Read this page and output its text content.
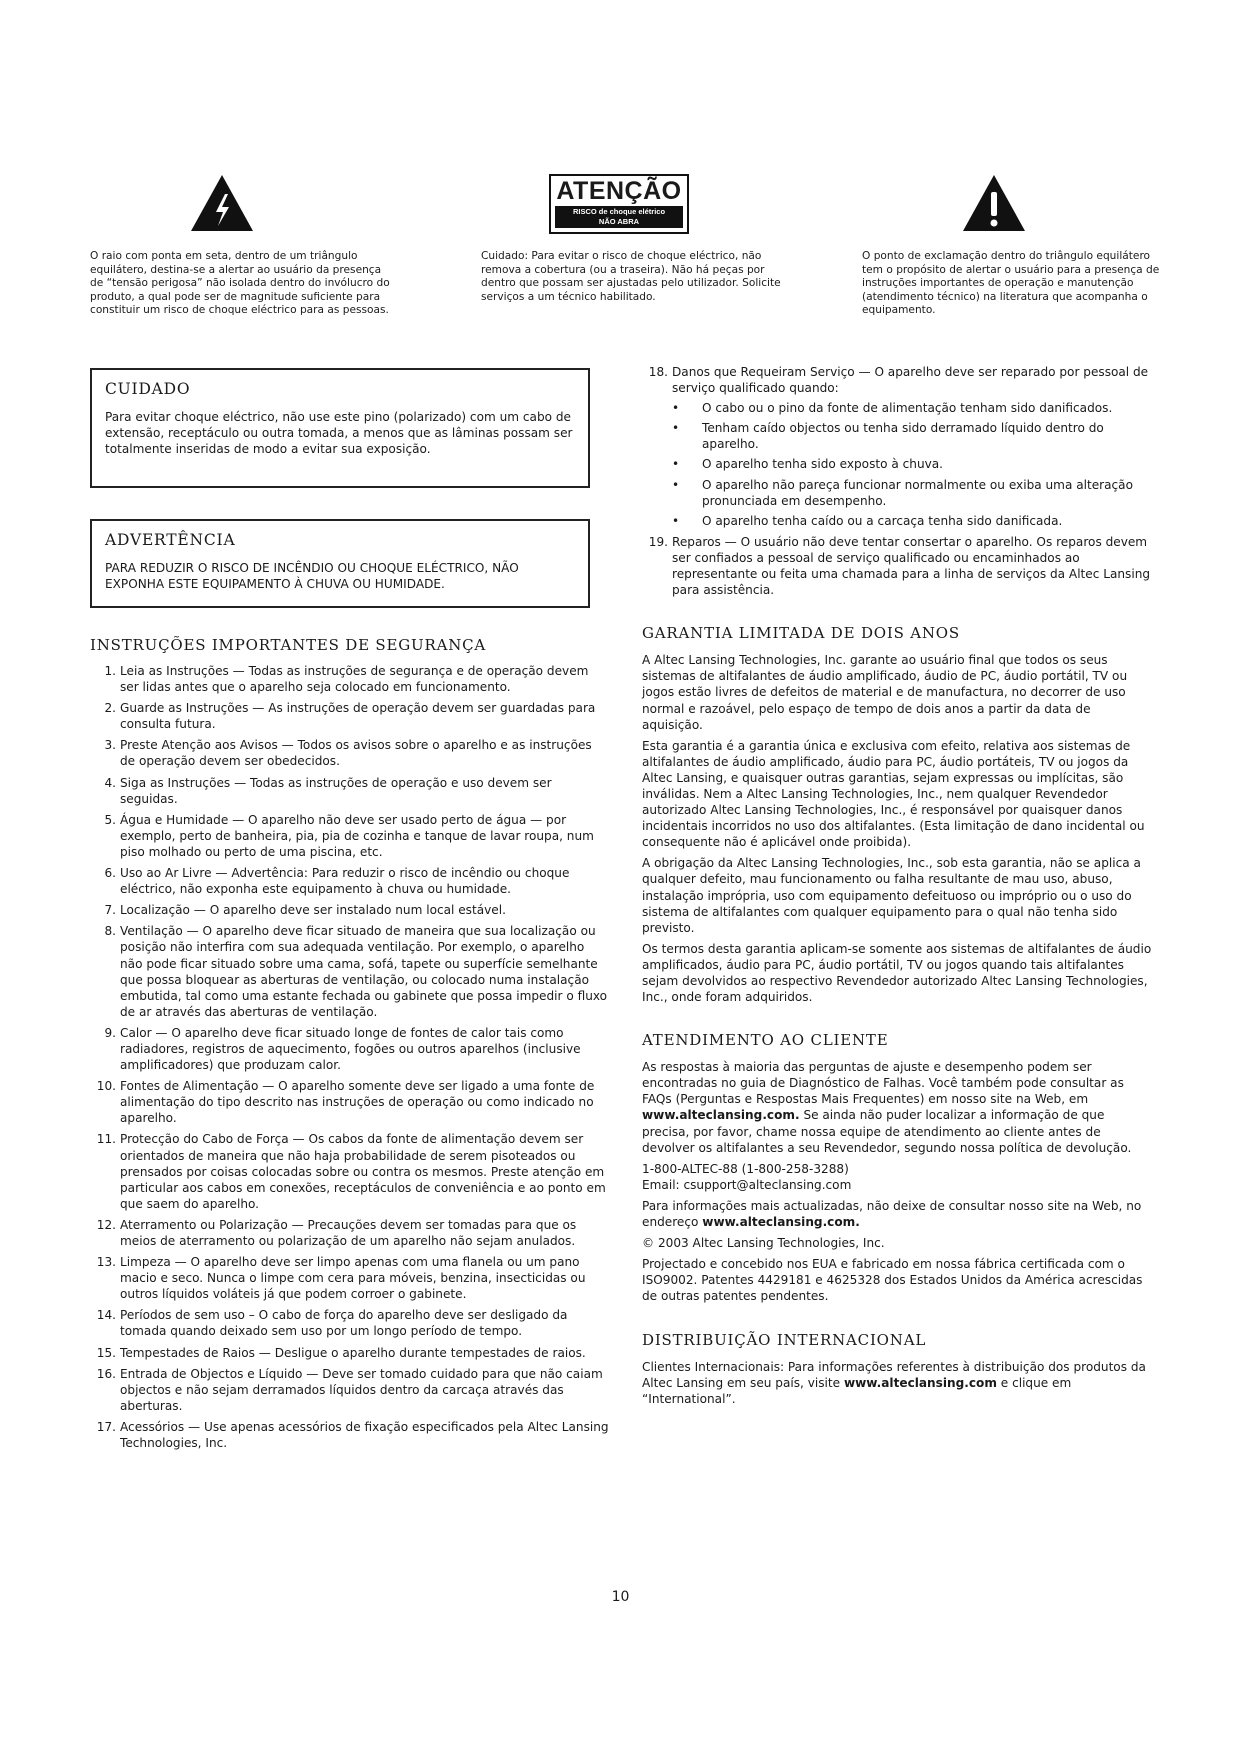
O raio com ponta em seta, dentro de um triângulo equilátero, destina-se a alertar ao usuário da presença de “tensão perigosa” não isolada dentro do invólucro do produto, a qual pode ser de magnitude suficiente para constituir um risco de choque eléctrico para as pessoas.

ATENÇÃO
RISCO de choque elétrico
NÃO ABRA

Cuidado: Para evitar o risco de choque eléctrico, não remova a cobertura (ou a traseira). Não há peças por dentro que possam ser ajustadas pelo utilizador. Solicite serviços a um técnico habilitado.

O ponto de exclamação dentro do triângulo equilátero tem o propósito de alertar o usuário para a presença de instruções importantes de operação e manutenção (atendimento técnico) na literatura que acompanha o equipamento.

CUIDADO

Para evitar choque eléctrico, não use este pino (polarizado) com um cabo de extensão, receptáculo ou outra tomada, a menos que as lâminas possam ser totalmente inseridas de modo a evitar sua exposição.

ADVERTÊNCIA

PARA REDUZIR O RISCO DE INCÊNDIO OU CHOQUE ELÉCTRICO, NÃO EXPONHA ESTE EQUIPAMENTO À CHUVA OU HUMIDADE.

INSTRUÇÕES IMPORTANTES DE SEGURANÇA
1. Leia as Instruções — Todas as instruções de segurança e de operação devem ser lidas antes que o aparelho seja colocado em funcionamento.
2. Guarde as Instruções — As instruções de operação devem ser guardadas para consulta futura.
3. Preste Atenção aos Avisos — Todos os avisos sobre o aparelho e as instruções de operação devem ser obedecidos.
4. Siga as Instruções — Todas as instruções de operação e uso devem ser seguidas.
5. Água e Humidade — O aparelho não deve ser usado perto de água — por exemplo, perto de banheira, pia, pia de cozinha e tanque de lavar roupa, num piso molhado ou perto de uma piscina, etc.
6. Uso ao Ar Livre — Advertência: Para reduzir o risco de incêndio ou choque eléctrico, não exponha este equipamento à chuva ou humidade.
7. Localização — O aparelho deve ser instalado num local estável.
8. Ventilação — O aparelho deve ficar situado de maneira que sua localização ou posição não interfira com sua adequada ventilação. Por exemplo, o aparelho não pode ficar situado sobre uma cama, sofá, tapete ou superfície semelhante que possa bloquear as aberturas de ventilação, ou colocado numa instalação embutida, tal como uma estante fechada ou gabinete que possa impedir o fluxo de ar através das aberturas de ventilação.
9. Calor — O aparelho deve ficar situado longe de fontes de calor tais como radiadores, registros de aquecimento, fogões ou outros aparelhos (inclusive amplificadores) que produzam calor.
10. Fontes de Alimentação — O aparelho somente deve ser ligado a uma fonte de alimentação do tipo descrito nas instruções de operação ou como indicado no aparelho.
11. Protecção do Cabo de Força — Os cabos da fonte de alimentação devem ser orientados de maneira que não haja probabilidade de serem pisoteados ou prensados por coisas colocadas sobre ou contra os mesmos. Preste atenção em particular aos cabos em conexões, receptáculos de conveniência e ao ponto em que saem do aparelho.
12. Aterramento ou Polarização — Precauções devem ser tomadas para que os meios de aterramento ou polarização de um aparelho não sejam anulados.
13. Limpeza — O aparelho deve ser limpo apenas com uma flanela ou um pano macio e seco. Nunca o limpe com cera para móveis, benzina, insecticidas ou outros líquidos voláteis já que podem corroer o gabinete.
14. Períodos de sem uso – O cabo de força do aparelho deve ser desligado da tomada quando deixado sem uso por um longo período de tempo.
15. Tempestades de Raios — Desligue o aparelho durante tempestades de raios.
16. Entrada de Objectos e Líquido — Deve ser tomado cuidado para que não caiam objectos e não sejam derramados líquidos dentro da carcaça através das aberturas.
17. Acessórios — Use apenas acessórios de fixação especificados pela Altec Lansing Technologies, Inc.
18. Danos que Requeiram Serviço — O aparelho deve ser reparado por pessoal de serviço qualificado quando:
• O cabo ou o pino da fonte de alimentação tenham sido danificados.
• Tenham caído objectos ou tenha sido derramado líquido dentro do aparelho.
• O aparelho tenha sido exposto à chuva.
• O aparelho não pareça funcionar normalmente ou exiba uma alteração pronunciada em desempenho.
• O aparelho tenha caído ou a carcaça tenha sido danificada.
19. Reparos — O usuário não deve tentar consertar o aparelho. Os reparos devem ser confiados a pessoal de serviço qualificado ou encaminhados ao representante ou feita uma chamada para a linha de serviços da Altec Lansing para assistência.
GARANTIA LIMITADA DE DOIS ANOS

A Altec Lansing Technologies, Inc. garante ao usuário final que todos os seus sistemas de altifalantes de áudio amplificado, áudio de PC, áudio portátil, TV ou jogos estão livres de defeitos de material e de manufactura, no decorrer de uso normal e razoável, pelo espaço de tempo de dois anos a partir da data de aquisição.

Esta garantia é a garantia única e exclusiva com efeito, relativa aos sistemas de altifalantes de áudio amplificado, áudio para PC, áudio portáteis, TV ou jogos da Altec Lansing, e quaisquer outras garantias, sejam expressas ou implícitas, são inválidas. Nem a Altec Lansing Technologies, Inc., nem qualquer Revendedor autorizado Altec Lansing Technologies, Inc., é responsável por quaisquer danos incidentais incorridos no uso dos altifalantes. (Esta limitação de dano incidental ou consequente não é aplicável onde proibida).

A obrigação da Altec Lansing Technologies, Inc., sob esta garantia, não se aplica a qualquer defeito, mau funcionamento ou falha resultante de mau uso, abuso, instalação imprópria, uso com equipamento defeituoso ou impróprio ou o uso do sistema de altifalantes com qualquer equipamento para o qual não tenha sido previsto.

Os termos desta garantia aplicam-se somente aos sistemas de altifalantes de áudio amplificados, áudio para PC, áudio portátil, TV ou jogos quando tais altifalantes sejam devolvidos ao respectivo Revendedor autorizado Altec Lansing Technologies, Inc., onde foram adquiridos.

ATENDIMENTO AO CLIENTE

As respostas à maioria das perguntas de ajuste e desempenho podem ser encontradas no guia de Diagnóstico de Falhas. Você também pode consultar as FAQs (Perguntas e Respostas Mais Frequentes) em nosso site na Web, em www.alteclansing.com. Se ainda não puder localizar a informação de que precisa, por favor, chame nossa equipe de atendimento ao cliente antes de devolver os altifalantes a seu Revendedor, segundo nossa política de devolução.

1-800-ALTEC-88 (1-800-258-3288)

Email: csupport@alteclansing.com

Para informações mais actualizadas, não deixe de consultar nosso site na Web, no endereço www.alteclansing.com.

© 2003 Altec Lansing Technologies, Inc.

Projectado e concebido nos EUA e fabricado em nossa fábrica certificada com o ISO9002. Patentes 4429181 e 4625328 dos Estados Unidos da América acrescidas de outras patentes pendentes.

DISTRIBUIÇÃO INTERNACIONAL

Clientes Internacionais: Para informações referentes à distribuição dos produtos da Altec Lansing em seu país, visite www.alteclansing.com e clique em “International”.

10
